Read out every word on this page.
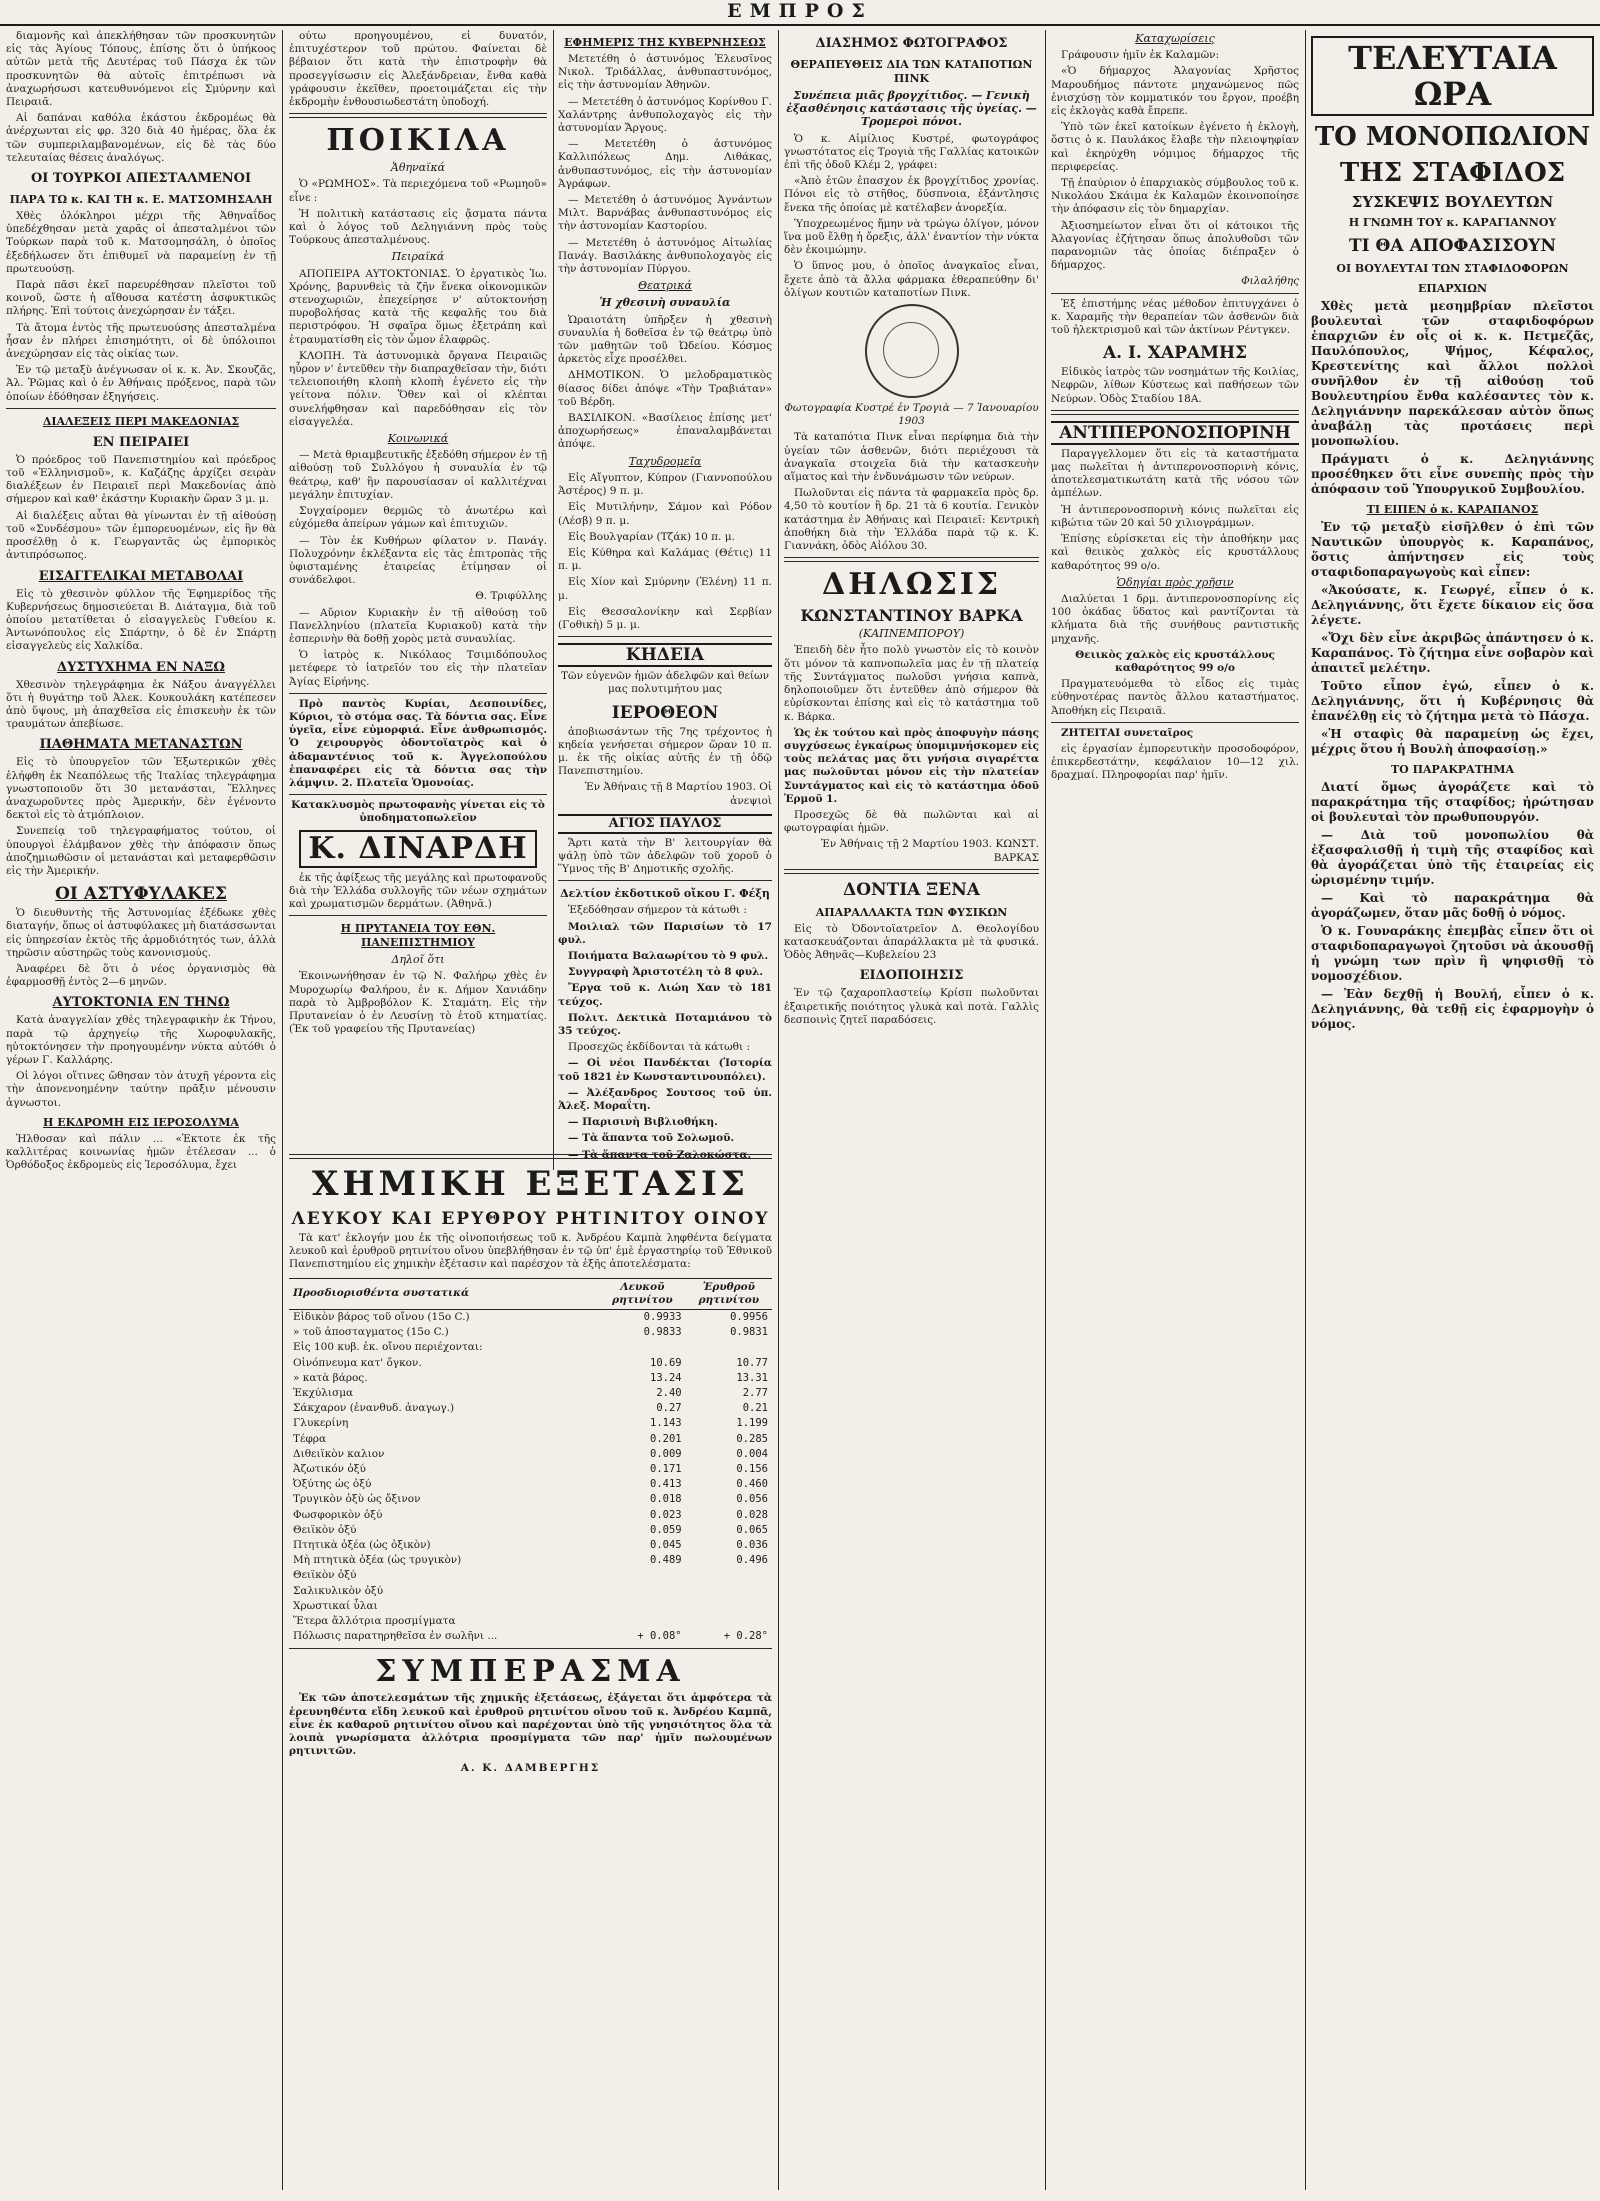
ΕΜΠΡΟΣ

διαμονῆς καὶ ἀπεκλήθησαν τῶν προσκυνητῶν εἰς τὰς Ἁγίους Τόπους, ἐπίσης ὅτι ὁ ὑπήκοος αὐτῶν μετὰ τῆς Δευτέρας τοῦ Πάσχα ἐκ τῶν προσκυνητῶν θὰ αὐτοῖς ἐπιτρέπωσι νὰ ἀναχωρήσωσι κατευθυνόμενοι εἰς Σμύρνην καὶ Πειραιᾶ.

Αἱ δαπάναι καθόλα ἑκάστου ἐκδρομέως θὰ ἀνέρχωνται εἰς φρ. 320 διὰ 40 ἡμέρας, ὅλα ἐκ τῶν συμπεριλαμβανομένων, εἰς δὲ τὰς δύο τελευταίας θέσεις ἀναλόγως.

ΟΙ ΤΟΥΡΚΟΙ ΑΠΕΣΤΑΛΜΕΝΟΙ
ΠΑΡΑ ΤΩ κ. ΚΑΙ ΤΗ κ. Ε. ΜΑΤΣΟΜΗΣΑΛΗ

Χθὲς ὁλόκληροι μέχρι τῆς Ἀθηναΐδος ὑπεδέχθησαν μετὰ χαρᾶς οἱ ἀπεσταλμένοι τῶν Τούρκων παρὰ τοῦ κ. Ματσομησάλη, ὁ ὁποῖος ἐξεδήλωσεν ὅτι ἐπιθυμεῖ νὰ παραμείνῃ ἐν τῇ πρωτευούσῃ.

Παρὰ πᾶσι ἐκεῖ παρευρέθησαν πλεῖστοι τοῦ κοινοῦ, ὥστε ἡ αἴθουσα κατέστη ἀσφυκτικῶς πλήρης. Ἐπὶ τούτοις ἀνεχώρησαν ἐν τάξει.

Τὰ ἄτομα ἐντὸς τῆς πρωτευούσης ἀπεσταλμένα ἦσαν ἐν πλήρει ἐπισημότητι, οἱ δὲ ὑπόλοιποι ἀνεχώρησαν εἰς τὰς οἰκίας των.

Ἐν τῷ μεταξὺ ἀνέγνωσαν οἱ κ. κ. Ἀν. Σκουζᾶς, Ἀλ. Ῥῶμας καὶ ὁ ἐν Ἀθήναις πρόξενος, παρὰ τῶν ὁποίων ἐδόθησαν ἐξηγήσεις.

ΔΙΑΛΕΞΕΙΣ ΠΕΡΙ ΜΑΚΕΔΟΝΙΑΣ
ΕΝ ΠΕΙΡΑΙΕΙ

Ὁ πρόεδρος τοῦ Πανεπιστημίου καὶ πρόεδρος τοῦ «Ἑλληνισμοῦ», κ. Καζάζης ἀρχίζει σειρὰν διαλέξεων ἐν Πειραιεῖ περὶ Μακεδονίας ἀπὸ σήμερον καὶ καθ' ἑκάστην Κυριακὴν ὥραν 3 μ. μ.

Αἱ διαλέξεις αὗται θὰ γίνωνται ἐν τῇ αἰθούσῃ τοῦ «Συνδέσμου» τῶν ἐμπορευομένων, εἰς ἣν θὰ προσέλθῃ ὁ κ. Γεωργαντᾶς ὡς ἐμπορικὸς ἀντιπρόσωπος.

ΕΙΣΑΓΓΕΛΙΚΑΙ ΜΕΤΑΒΟΛΑΙ

Εἰς τὸ χθεσινὸν φύλλον τῆς Ἐφημερίδος τῆς Κυβερνήσεως δημοσιεύεται Β. Διάταγμα, διὰ τοῦ ὁποίου μετατίθεται ὁ εἰσαγγελεὺς Γυθείου κ. Ἀντωνόπουλος εἰς Σπάρτην, ὁ δὲ ἐν Σπάρτῃ εἰσαγγελεὺς εἰς Χαλκίδα.

ΔΥΣΤΥΧΗΜΑ ΕΝ ΝΑΞΩ

Χθεσινὸν τηλεγράφημα ἐκ Νάξου ἀναγγέλλει ὅτι ἡ θυγάτηρ τοῦ Ἀλεκ. Κουκουλάκη κατέπεσεν ἀπὸ ὕψους, μὴ ἀπαχθεῖσα εἰς ἐπισκευὴν ἐκ τῶν τραυμάτων ἀπεβίωσε.

ΠΑΘΗΜΑΤΑ ΜΕΤΑΝΑΣΤΩΝ

Εἰς τὸ ὑπουργεῖον τῶν Ἐξωτερικῶν χθὲς ἐλήφθη ἐκ Νεαπόλεως τῆς Ἰταλίας τηλεγράφημα γνωστοποιοῦν ὅτι 30 μετανάσται, Ἕλληνες ἀναχωροῦντες πρὸς Ἀμερικήν, δὲν ἐγένοντο δεκτοὶ εἰς τὸ ἀτμόπλοιον.

Συνεπείᾳ τοῦ τηλεγραφήματος τούτου, οἱ ὑπουργοὶ ἐλάμβανον χθὲς τὴν ἀπόφασιν ὅπως ἀποζημιωθῶσιν οἱ μετανάσται καὶ μεταφερθῶσιν εἰς τὴν Ἀμερικήν.

ΟΙ ΑΣΤΥΦΥΛΑΚΕΣ

Ὁ διευθυντὴς τῆς Ἀστυνομίας ἐξέδωκε χθὲς διαταγήν, ὅπως οἱ ἀστυφύλακες μὴ διατάσσωνται εἰς ὑπηρεσίαν ἐκτὸς τῆς ἀρμοδιότητός των, ἀλλὰ τηρῶσιν αὐστηρῶς τοὺς κανονισμούς.

Ἀναφέρει δὲ ὅτι ὁ νέος ὀργανισμὸς θὰ ἐφαρμοσθῇ ἐντὸς 2—6 μηνῶν.

ΑΥΤΟΚΤΟΝΙΑ ΕΝ ΤΗΝΩ

Κατὰ ἀναγγελίαν χθὲς τηλεγραφικὴν ἐκ Τήνου, παρὰ τῷ ἀρχηγείῳ τῆς Χωροφυλακῆς, ηὐτοκτόνησεν τὴν προηγουμένην νύκτα αὐτόθι ὁ γέρων Γ. Καλλάρης.

Οἱ λόγοι οἵτινες ὤθησαν τὸν ἀτυχῆ γέροντα εἰς τὴν ἀπονενοημένην ταύτην πρᾶξιν μένουσιν ἀγνωστοι.

Η ΕΚΔΡΟΜΗ ΕΙΣ ΙΕΡΟΣΟΛΥΜΑ

Ἠλθοσαν καὶ πάλιν ... «Ἐκτοτε ἐκ τῆς καλλιτέρας κοινωνίας ἡμῶν ἐτέλεσαν ... ὁ Ὀρθόδοξος ἐκδρομεὺς εἰς Ἱεροσόλυμα, ἔχει

ούτω προηγουμένου, εἰ δυνατόν, ἐπιτυχέστερον τοῦ πρώτου. Φαίνεται δὲ βέβαιον ὅτι κατὰ τὴν ἐπιστροφὴν θὰ προσεγγίσωσιν εἰς Ἀλεξάνδρειαν, ἔνθα καθὰ γράφουσιν ἐκεῖθεν, προετοιμάζεται εἰς τὴν ἐκδρομὴν ἐνθουσιωδεστάτη ὑποδοχή.

ΠΟΙΚΙΛΑ
Ἀθηναϊκά

Ὁ «ΡΩΜΗΟΣ». Τὰ περιεχόμενα τοῦ «Ρωμηοῦ» εἶνε :

Ἡ πολιτικὴ κατάστασις εἰς ᾄσματα πάντα καὶ ὁ λόγος τοῦ Δεληγιάννη πρὸς τοὺς Τούρκους ἀπεσταλμένους.

Πειραϊκά

ΑΠΟΠΕΙΡΑ ΑΥΤΟΚΤΟΝΙΑΣ. Ὁ ἐργατικὸς Ἰω. Χρόνης, βαρυνθεὶς τὰ ζῆν ἕνεκα οἰκονομικῶν στενοχωριῶν, ἐπεχείρησε ν' αὐτοκτονήσῃ πυροβολήσας κατὰ τῆς κεφαλῆς του διὰ περιστρόφου. Ἡ σφαῖρα ὅμως ἐξετράπη καὶ ἐτραυματίσθη εἰς τὸν ὦμον ἐλαφρῶς.

ΚΛΟΠΗ. Τὰ ἀστυνομικὰ ὄργανα Πειραιῶς ηὗρον ν' ἐντεῦθεν τὴν διαπραχθεῖσαν τὴν, διότι τελειοποιήθη κλοπὴ κλοπὴ ἐγένετο εἰς τὴν γείτονα πόλιν. Ὅθεν καὶ οἱ κλέπται συνελήφθησαν καὶ παρεδόθησαν εἰς τὸν εἰσαγγελέα.

Κοινωνικά

— Μετὰ θριαμβευτικῆς ἐξεδόθη σήμερον ἐν τῇ αἰθούσῃ τοῦ Συλλόγου ἡ συναυλία ἐν τῷ θεάτρῳ, καθ' ἣν παρουσίασαν οἱ καλλιτέχναι μεγάλην ἐπιτυχίαν.

Συγχαίρομεν θερμῶς τὸ ἀνωτέρω καὶ εὐχόμεθα ἀπείρων γάμων καὶ ἐπιτυχιῶν.

— Τὸν ἐκ Κυθήρων φίλατον ν. Πανάγ. Πολυχρόνην ἐκλέξαντα εἰς τὰς ἐπιτροπὰς τῆς ὑφισταμένης ἑταιρείας ἐτίμησαν οἱ συνάδελφοι.

Θ. Τριφύλλης

— Αὔριον Κυριακὴν ἐν τῇ αἰθούσῃ τοῦ Πανελληνίου (πλατεῖα Κυριακοῦ) κατὰ τὴν ἑσπερινὴν θὰ δοθῇ χορὸς μετὰ συναυλίας.

Ὁ ἰατρὸς κ. Νικόλαος Τσιμιδόπουλος μετέφερε τὸ ἰατρεῖόν του εἰς τὴν πλατεῖαν Ἀγίας Εἰρήνης.

Πρὸ παντὸς Κυρίαι, Δεσποινίδες, Κύριοι, τὸ στόμα σας. Τὰ δόντια σας. Εἶνε ὑγεῖα, εἶνε εὐμορφιά. Εἶνε ἀνθρωπισμός. Ὁ χειρουργὸς ὀδοντοϊατρὸς καὶ ὁ ἀδαμαντένιος τοῦ κ. Ἀγγελοπούλου ἐπαναφέρει εἰς τὰ δόντια σας τὴν λάμψιν. 2. Πλατεῖα Ὁμονοίας.

Κατακλυσμὸς πρωτοφανὴς γίνεται εἰς τὸ ὑποδηματοπωλεῖον

Κ. ΔΙΝΑΡΔΗ

ἐκ τῆς ἀφίξεως τῆς μεγάλης καὶ πρωτοφανοῦς διὰ τὴν Ἑλλάδα συλλογῆς τῶν νέων σχημάτων καὶ χρωματισμῶν δερμάτων. (Ἀθηνᾶ.)

Η ΠΡΥΤΑΝΕΙΑ ΤΟΥ ΕΘΝ. ΠΑΝΕΠΙΣΤΗΜΙΟΥ
Δηλοῖ ὅτι

Ἐκοινωνήθησαν ἐν τῷ Ν. Φαλήρῳ χθὲς ἐν Μυροχωρίῳ Φαλήρου, ἐν κ. Δήμον Χανιάδην παρὰ τὸ Ἀμβροβόλον Κ. Σταμάτη. Εἰς τὴν Πρυτανείαν ὁ ἐν Λευσίνῃ τὸ ἑτοῦ κτηματίας. (Ἐκ τοῦ γραφείου τῆς Πρυτανείας)

ΕΦΗΜΕΡΙΣ ΤΗΣ ΚΥΒΕΡΝΗΣΕΩΣ

Μετετέθη ὁ ἀστυνόμος Ἐλευσῖνος Νικολ. Τριδάλλας, ἀνθυπαστυνόμος, εἰς τὴν ἀστυνομίαν Ἀθηνῶν.

— Μετετέθη ὁ ἀστυνόμος Κορίνθου Γ. Χαλάντρης ἀνθυπολοχαγὸς εἰς τὴν ἀστυνομίαν Ἄργους.

— Μετετέθη ὁ ἀστυνόμος Καλλιπόλεως Δημ. Λιθάκας, ἀνθυπαστυνόμος, εἰς τὴν ἀστυνομίαν Ἀγράφων.

— Μετετέθη ὁ ἀστυνόμος Ἀγνάντων Μιλτ. Βαρνάβας ἀνθυπαστυνόμος εἰς τὴν ἀστυνομίαν Καστορίου.

— Μετετέθη ὁ ἀστυνόμος Αἰτωλίας Πανάγ. Βασιλάκης ἀνθυπολοχαγὸς εἰς τὴν ἀστυνομίαν Πύργου.

Θεατρικά
Ἡ χθεσινὴ συναυλία

Ὡραιοτάτη ὑπῆρξεν ἡ χθεσινὴ συναυλία ἡ δοθεῖσα ἐν τῷ θεάτρῳ ὑπὸ τῶν μαθητῶν τοῦ Ὠδείου. Κόσμος ἀρκετὸς εἶχε προσέλθει.

ΔΗΜΟΤΙΚΟΝ. Ὁ μελοδραματικὸς θίασος δίδει ἀπόψε «Τὴν Τραβιάταν» τοῦ Βέρδη.

ΒΑΣΙΛΙΚΟΝ. «Βασίλειος ἐπίσης μετ' ἀποχωρήσεως» ἐπαναλαμβάνεται ἀπόψε.

Ταχυδρομεῖα

Εἰς Αἴγυπτον, Κύπρον (Γιαννοπούλου Ἀστέρος) 9 π. μ.

Εἰς Μυτιλήνην, Σάμον καὶ Ρόδον (Λέσβ) 9 π. μ.

Εἰς Βουλγαρίαν (Τζάκ) 10 π. μ.

Εἰς Κύθηρα καὶ Καλάμας (Θέτις) 11 π. μ.

Εἰς Χίον καὶ Σμύρνην (Ἑλένη) 11 π. μ.

Εἰς Θεσσαλονίκην καὶ Σερβίαν (Γοθικὴ) 5 μ. μ.

ΚΗΔΕΙΑ

Τῶν εὐγενῶν ἡμῶν ἀδελφῶν καὶ θείων μας πολυτιμήτου μας

ΙΕΡΟΘΕΟΝ

ἀποβιωσάντων τῆς 7ης τρέχοντος ἡ κηδεία γενήσεται σήμερον ὥραν 10 π. μ. ἐκ τῆς οἰκίας αὐτῆς ἐν τῇ ὁδῷ Πανεπιστημίου.

Ἐν Ἀθήναις τῇ 8 Μαρτίου 1903. Οἱ ἀνεψιοὶ

ΑΓΙΟΣ ΠΑΥΛΟΣ

Ἄρτι κατὰ τὴν Β' λειτουργίαν θὰ ψάλῃ ὑπὸ τῶν ἀδελφῶν τοῦ χοροῦ ὁ Ὕμνος τῆς Β' Δημοτικῆς σχολῆς.

Δελτίον ἐκδοτικοῦ οἴκου Γ. Φέξη

Ἐξεδόθησαν σήμερον τὰ κάτωθι :

Μοιλιαλ τῶν Παρισίων τὸ 17 φυλ.

Ποιήματα Βαλαωρίτου τὸ 9 φυλ.

Συγγραφὴ Ἀριστοτέλη τὸ 8 φυλ.

Ἔργα τοῦ κ. Λιώη Χαν τὸ 181 τεύχος.

Πολιτ. Δεκτικὰ Ποταμιάνου τὸ 35 τεύχος.

Προσεχῶς ἐκδίδονται τὰ κάτωθι :

— Οἱ νέοι Πανδέκται (Ἱστορία τοῦ 1821 ἐν Κωνσταντινουπόλει).

— Ἀλέξανδρος Σουτσος τοῦ ὑπ. Ἀλεξ. Μοραΐτη.

— Παρισινὴ Βιβλιοθήκη.

— Τὰ ἅπαντα τοῦ Σολωμοῦ.

— Τὰ ἅπαντα τοῦ Ζαλοκώστα.

ΔΙΑΣΗΜΟΣ ΦΩΤΟΓΡΑΦΟΣ
ΘΕΡΑΠΕΥΘΕΙΣ ΔΙΑ ΤΩΝ ΚΑΤΑΠΟΤΙΩΝ ΠΙΝΚ
Συνέπεια μιᾶς βρογχίτιδος. — Γενικὴ ἐξασθένησις κατάστασις τῆς ὑγείας. — Τρομεροὶ πόνοι.

Ὁ κ. Αἰμίλιος Κυστρέ, φωτογράφος γνωστότατος εἰς Τρογιὰ τῆς Γαλλίας κατοικῶν ἐπὶ τῆς ὁδοῦ Κλέμ 2, γράφει:

«Ἀπὸ ἐτῶν ἐπασχον ἐκ βρογχίτιδος χρονίας. Πόνοι εἰς τὸ στῆθος, δύσπνοια, ἐξάντλησις ἔνεκα τῆς ὁποίας μὲ κατέλαβεν ἀνορεξία.

Ὑποχρεωμένος ἤμην νὰ τρώγω ὀλίγον, μόνον ἵνα μοῦ ἔλθῃ ἡ ὄρεξις, ἀλλ' ἐναντίον τὴν νύκτα δὲν ἐκοιμώμην.

Ὁ ὕπνος μου, ὁ ὁποῖος ἀναγκαῖος εἶναι, ἔχετε ἀπὸ τὰ ἄλλα φάρμακα ἐθεραπεύθην δι' ὀλίγων κουτιῶν καταποτίων Πινκ.

Φωτογραφία Κυστρέ ἐν Τρογιὰ — 7 Ἰανουαρίου 1903

Τὰ καταπότια Πινκ εἶναι περίφημα διὰ τὴν ὑγείαν τῶν ἀσθενῶν, διότι περιέχουσι τὰ ἀναγκαῖα στοιχεῖα διὰ τὴν κατασκευὴν αἵματος καὶ τὴν ἐνδυνάμωσιν τῶν νεύρων.

Πωλοῦνται εἰς πάντα τὰ φαρμακεῖα πρὸς δρ. 4,50 τὸ κουτίον ἢ δρ. 21 τὰ 6 κουτία. Γενικὸν κατάστημα ἐν Ἀθήναις καὶ Πειραιεῖ: Κεντρικὴ ἀποθήκη διὰ τὴν Ἑλλάδα παρὰ τῷ κ. Κ. Γιαννάκη, ὁδὸς Αἰόλου 30.

ΔΗΛΩΣΙΣ
ΚΩΝΣΤΑΝΤΙΝΟΥ ΒΑΡΚΑ
(ΚΑΠΝΕΜΠΟΡΟΥ)

Ἐπειδὴ δὲν ἦτο πολὺ γνωστὸν εἰς τὸ κοινὸν ὅτι μόνον τὰ καπνοπωλεῖα μας ἐν τῇ πλατείᾳ τῆς Συντάγματος πωλοῦσι γνήσια καπνὰ, δηλοποιοῦμεν ὅτι ἐντεῦθεν ἀπὸ σήμερον θὰ εὑρίσκονται ἐπίσης καὶ εἰς τὸ κατάστημα τοῦ κ. Βάρκα.

Ὡς ἐκ τούτου καὶ πρὸς ἀποφυγὴν πάσης συγχύσεως ἐγκαίρως ὑπομιμνήσκομεν εἰς τοὺς πελάτας μας ὅτι γνήσια σιγαρέττα μας πωλοῦνται μόνον εἰς τὴν πλατείαν Συντάγματος καὶ εἰς τὸ κατάστημα ὁδοῦ Ἑρμοῦ 1.

Προσεχῶς δὲ θὰ πωλῶνται καὶ αἱ φωτογραφίαι ἡμῶν.

Ἐν Ἀθήναις τῇ 2 Μαρτίου 1903. ΚΩΝΣΤ. ΒΑΡΚΑΣ

ΔΟΝΤΙΑ ΞΕΝΑ
ΑΠΑΡΑΛΛΑΚΤΑ ΤΩΝ ΦΥΣΙΚΩΝ

Εἰς τὸ Ὀδοντοϊατρεῖον Δ. Θεολογίδου κατασκευάζονται ἀπαράλλακτα μὲ τὰ φυσικά. Ὁδὸς Ἀθηνᾶς—Κυβελείου 23

ΕΙΔΟΠΟΙΗΣΙΣ

Ἐν τῷ ζαχαροπλαστείῳ Κρίσπ πωλοῦνται ἐξαιρετικῆς ποιότητος γλυκὰ καὶ ποτὰ. Γαλλὶς δεσποινὶς ζητεῖ παραδόσεις.

Καταχωρίσεις

Γράφουσιν ἡμῖν ἐκ Καλαμῶν:

«Ὁ δήμαρχος Ἀλαγονίας Χρῆστος Μαρουδήμος πάντοτε μηχανώμενος πῶς ἐνισχύσῃ τὸν κομματικόν του ἔργον, προέβη εἰς ἐκλογὰς καθὰ ἔπρεπε.

Ὑπὸ τῶν ἐκεῖ κατοίκων ἐγένετο ἡ ἐκλογὴ, ὅστις ὁ κ. Παυλάκος ἔλαβε τὴν πλειοψηφίαν καὶ ἐκηρύχθη νόμιμος δήμαρχος τῆς περιφερείας.

Τῇ ἐπαύριον ὁ ἐπαρχιακὸς σύμβουλος τοῦ κ. Νικολάου Σκάιμα ἐκ Καλαμῶν ἐκοινοποίησε τὴν ἀπόφασιν εἰς τὸν δημαρχίαν.

Ἀξιοσημείωτον εἶναι ὅτι οἱ κάτοικοι τῆς Ἀλαγονίας ἐζήτησαν ὅπως ἀπολυθοῦσι τῶν παρανομιῶν τὰς ὁποίας διέπραξεν ὁ δήμαρχος.

Φιλαλήθης

Ἐξ ἐπιστήμης νέας μέθοδον ἐπιτυγχάνει ὁ κ. Χαραμῆς τὴν θεραπείαν τῶν ἀσθενῶν διὰ τοῦ ἠλεκτρισμοῦ καὶ τῶν ἀκτίνων Ρέντγκεν.

Α. Ι. ΧΑΡΑΜΗΣ

Εἰδικὸς ἰατρὸς τῶν νοσημάτων τῆς Κοιλίας, Νεφρῶν, λίθων Κύστεως καὶ παθήσεων τῶν Νεύρων. Ὁδὸς Σταδίου 18Α.

ΑΝΤΙΠΕΡΟΝΟΣΠΟΡΙΝΗ

Παραγγελλομεν ὅτι εἰς τὰ καταστήματα μας πωλεῖται ἡ ἀντιπερονοσπορινὴ κόνις, ἀποτελεσματικωτάτη κατὰ τῆς νόσου τῶν ἀμπέλων.

Ἡ ἀντιπερονοσπορινὴ κόνις πωλεῖται εἰς κιβώτια τῶν 20 καὶ 50 χιλιογράμμων.

Ἐπίσης εὑρίσκεται εἰς τὴν ἀποθήκην μας καὶ θειικὸς χαλκὸς εἰς κρυστάλλους καθαρότητος 99 ο/ο.

Ὁδηγίαι πρὸς χρῆσιν

Διαλύεται 1 δρμ. ἀντιπερονοσπορίνης εἰς 100 ὀκάδας ὕδατος καὶ ραντίζονται τὰ κλήματα διὰ τῆς συνήθους ραντιστικῆς μηχανῆς.

Θειικὸς χαλκὸς εἰς κρυστάλλους καθαρότητος 99 ο/ο

Πραγματευόμεθα τὸ εἶδος εἰς τιμὰς εὐθηνοτέρας παντὸς ἄλλου καταστήματος. Ἀποθήκη εἰς Πειραιᾶ.

ΖΗΤΕΙΤΑΙ συνεταῖρος

εἰς ἐργασίαν ἐμπορευτικὴν προσοδοφόρον, ἐπικερδεστάτην, κεφάλαιον 10—12 χιλ. δραχμαί. Πληροφορίαι παρ' ἡμῖν.

ΤΕΛΕΥΤΑΙΑ ΩΡΑ
ΤΟ ΜΟΝΟΠΩΛΙΟΝ
ΤΗΣ ΣΤΑΦΙΔΟΣ
ΣΥΣΚΕΨΙΣ ΒΟΥΛΕΥΤΩΝ
Η ΓΝΩΜΗ ΤΟΥ κ. ΚΑΡΑΓΙΑΝΝΟΥ
ΤΙ ΘΑ ΑΠΟΦΑΣΙΣΟΥΝ
ΟΙ ΒΟΥΛΕΥΤΑΙ ΤΩΝ ΣΤΑΦΙΔΟΦΟΡΩΝ
ΕΠΑΡΧΙΩΝ

Χθὲς μετὰ μεσημβρίαν πλεῖστοι βουλευταὶ τῶν σταφιδοφόρων ἐπαρχιῶν ἐν οἷς οἱ κ. κ. Πετμεζᾶς, Παυλόπουλος, Ψήμος, Κέφαλος, Κρεστενίτης καὶ ἄλλοι πολλοὶ συνῆλθον ἐν τῇ αἰθούσῃ τοῦ Βουλευτηρίου ἔνθα καλέσαντες τὸν κ. Δεληγιάννην παρεκάλεσαν αὐτὸν ὅπως ἀναβάλῃ τὰς προτάσεις περὶ μονοπωλίου.

Πράγματι ὁ κ. Δεληγιάννης προσέθηκεν ὅτι εἶνε συνεπὴς πρὸς τὴν ἀπόφασιν τοῦ Ὑπουργικοῦ Συμβουλίου.

ΤΙ ΕΙΠΕΝ ὁ κ. ΚΑΡΑΠΑΝΟΣ

Ἐν τῷ μεταξὺ εἰσῆλθεν ὁ ἐπὶ τῶν Ναυτικῶν ὑπουργὸς κ. Καραπάνος, ὅστις ἀπήντησεν εἰς τοὺς σταφιδοπαραγωγοὺς καὶ εἶπεν:

«Ἀκούσατε, κ. Γεωργέ, εἶπεν ὁ κ. Δεληγιάννης, ὅτι ἔχετε δίκαιον εἰς ὅσα λέγετε.

«Ὄχι δὲν εἶνε ἀκριβῶς ἀπάντησεν ὁ κ. Καραπάνος. Τὸ ζήτημα εἶνε σοβαρὸν καὶ ἀπαιτεῖ μελέτην.

Τοῦτο εἶπον ἐγώ, εἶπεν ὁ κ. Δεληγιάννης, ὅτι ἡ Κυβέρνησις θὰ ἐπανέλθῃ εἰς τὸ ζήτημα μετὰ τὸ Πάσχα.

«Ἡ σταφὶς θὰ παραμείνῃ ὡς ἔχει, μέχρις ὅτου ἡ Βουλὴ ἀποφασίσῃ.»

ΤΟ ΠΑΡΑΚΡΑΤΗΜΑ

Διατί ὅμως ἀγοράζετε καὶ τὸ παρακράτημα τῆς σταφίδος; ἠρώτησαν οἱ βουλευταὶ τὸν πρωθυπουργόν.

— Διὰ τοῦ μονοπωλίου θὰ ἐξασφαλισθῇ ἡ τιμὴ τῆς σταφίδος καὶ θὰ ἀγοράζεται ὑπὸ τῆς ἑταιρείας εἰς ὡρισμένην τιμήν.

— Καὶ τὸ παρακράτημα θὰ ἀγοράζωμεν, ὅταν μᾶς δοθῇ ὁ νόμος.

Ὁ κ. Γουναράκης ἐπεμβὰς εἶπεν ὅτι οἱ σταφιδοπαραγωγοὶ ζητοῦσι νὰ ἀκουσθῇ ἡ γνώμη των πρὶν ἢ ψηφισθῇ τὸ νομοσχέδιον.

— Ἐὰν δεχθῇ ἡ Βουλή, εἶπεν ὁ κ. Δεληγιάννης, θὰ τεθῇ εἰς ἐφαρμογὴν ὁ νόμος.

ΧΗΜΙΚΗ ΕΞΕΤΑΣΙΣ
ΛΕΥΚΟΥ ΚΑΙ ΕΡΥΘΡΟΥ ΡΗΤΙΝΙΤΟΥ ΟΙΝΟΥ

Τὰ κατ' ἐκλογήν μου ἐκ τῆς οἰνοποιήσεως τοῦ κ. Ἀνδρέου Καμπὰ ληφθέντα δείγματα λευκοῦ καὶ ἐρυθροῦ ρητινίτου οἴνου ὑπεβλήθησαν ἐν τῷ ὑπ' ἐμὲ ἐργαστηρίῳ τοῦ Ἐθνικοῦ Πανεπιστημίου εἰς χημικὴν ἐξέτασιν καὶ παρέσχον τὰ ἑξῆς ἀποτελέσματα:

Προσδιορισθέντα συστατικά	Λευκοῦ ρητινίτου	Ἐρυθροῦ ρητινίτου
Εἰδικὸν βάρος τοῦ οἴνου (15ο C.)	0.9933	0.9956
» τοῦ ἀποσταγματος (15ο C.)	0.9833	0.9831
Εἰς 100 κυβ. ἑκ. οἴνου περιέχονται:		
Οἰνόπνευμα κατ' ὄγκον.	10.69	10.77
» κατὰ βάρος.	13.24	13.31
Ἐκχύλισμα	2.40	2.77
Σάκχαρον (ἐνανθυδ. ἀναγωγ.)	0.27	0.21
Γλυκερίνη	1.143	1.199
Τέφρα	0.201	0.285
Διθειϊκὸν καλιον	0.009	0.004
Ἀζωτικόν ὀξύ	0.171	0.156
Ὀξύτης ὡς ὀξύ	0.413	0.460
Τρυγικὸν ὀξὺ ὡς ὄξινον	0.018	0.056
Φωσφορικὸν ὀξύ	0.023	0.028
Θειϊκὸν ὀξύ	0.059	0.065
Πτητικὰ ὀξέα (ὡς ὀξικὸν)	0.045	0.036
Μὴ πτητικὰ ὀξέα (ὡς τρυγικὸν)	0.489	0.496
Θειϊκὸν ὀξύ		
Σαλικυλικὸν ὀξύ		
Χρωστικαί ὗλαι		
Ἕτερα ἄλλότρια προσμίγματα		
Πόλωσις παρατηρηθεῖσα ἐν σωλῆνι ...	+ 0.08°	+ 0.28°
ΣΥΜΠΕΡΑΣΜΑ

Ἐκ τῶν ἀποτελεσμάτων τῆς χημικῆς ἐξετάσεως, ἐξάγεται ὅτι ἀμφότερα τὰ ἐρευνηθέντα εἴδη λευκοῦ καὶ ἐρυθροῦ ρητινίτου οἴνου τοῦ κ. Ἀνδρέου Καμπᾶ, εἶνε ἐκ καθαροῦ ρητινίτου οἴνου καὶ παρέχονται ὑπὸ τῆς γνησιότητος ὅλα τὰ λοιπὰ γνωρίσματα ἀλλότρια προσμίγματα τῶν παρ' ἡμῖν πωλουμένων ρητινιτῶν.

Α. Κ. ΔΑΜΒΕΡΓΗΣ
